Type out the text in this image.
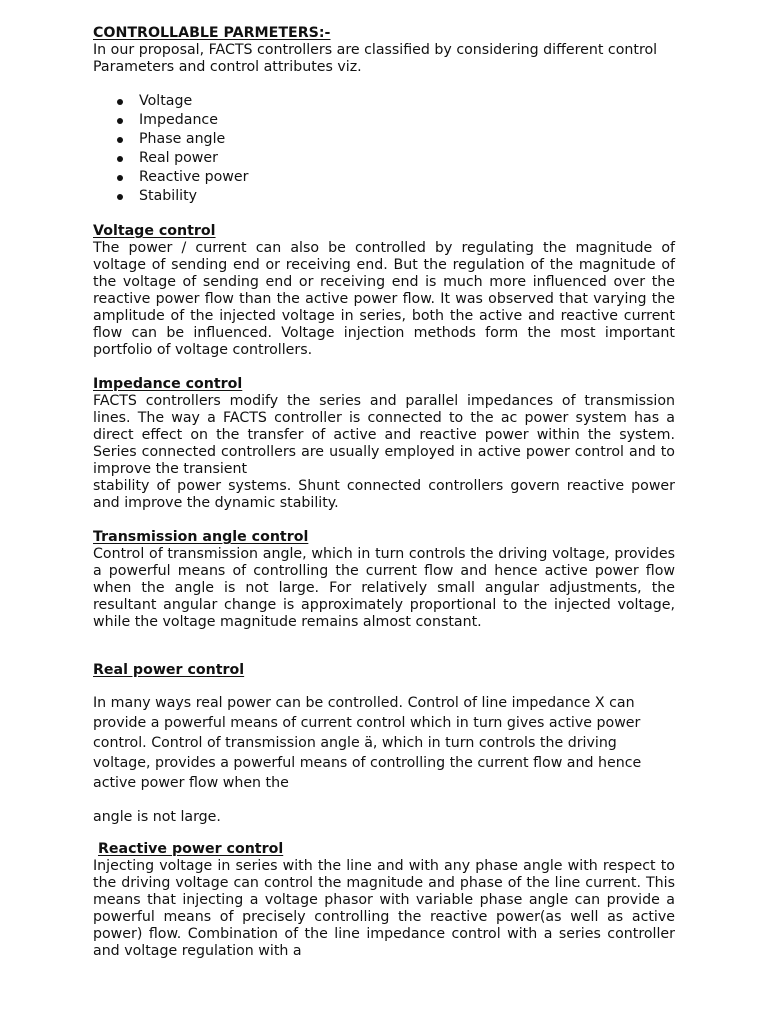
CONTROLLABLE PARMETERS:-

In our proposal, FACTS controllers are classified by considering different control

Parameters and control attributes viz.

Voltage
Impedance
Phase angle
Real power
Reactive power
Stability

Voltage control

The power / current can also be controlled by regulating the magnitude of voltage of sending end or receiving end. But the regulation of the magnitude of the voltage of sending end or receiving end is much more influenced over the reactive power flow than the active power flow. It was observed that varying the amplitude of the injected voltage in series, both the active and reactive current flow can be influenced. Voltage injection methods form the most important portfolio of voltage controllers.

Impedance control

FACTS controllers modify the series and parallel impedances of transmission lines. The way a FACTS controller is connected to the ac power system has a direct effect on the transfer of active and reactive power within the system. Series connected controllers are usually employed in active power control and to improve the transient

stability of power systems. Shunt connected controllers govern reactive power and improve the dynamic stability.

Transmission angle control

Control of transmission angle, which in turn controls the driving voltage, provides a powerful means of controlling the current flow and hence active power flow when the angle is not large. For relatively small angular adjustments, the resultant angular change is approximately proportional to the injected voltage, while the voltage magnitude remains almost constant.

Real power control

In many ways real power can be controlled. Control of line impedance X can provide a powerful means of current control which in turn gives active power control. Control of transmission angle ä, which in turn controls the driving voltage, provides a powerful means of controlling the current flow and hence active power flow when the

angle is not large.

Reactive power control

Injecting voltage in series with the line and with any phase angle with respect to the driving voltage can control the magnitude and phase of the line current. This means that injecting a voltage phasor with variable phase angle can provide a powerful means of precisely controlling the reactive power(as well as active power) flow. Combination of the line impedance control with a series controller and voltage regulation with a
